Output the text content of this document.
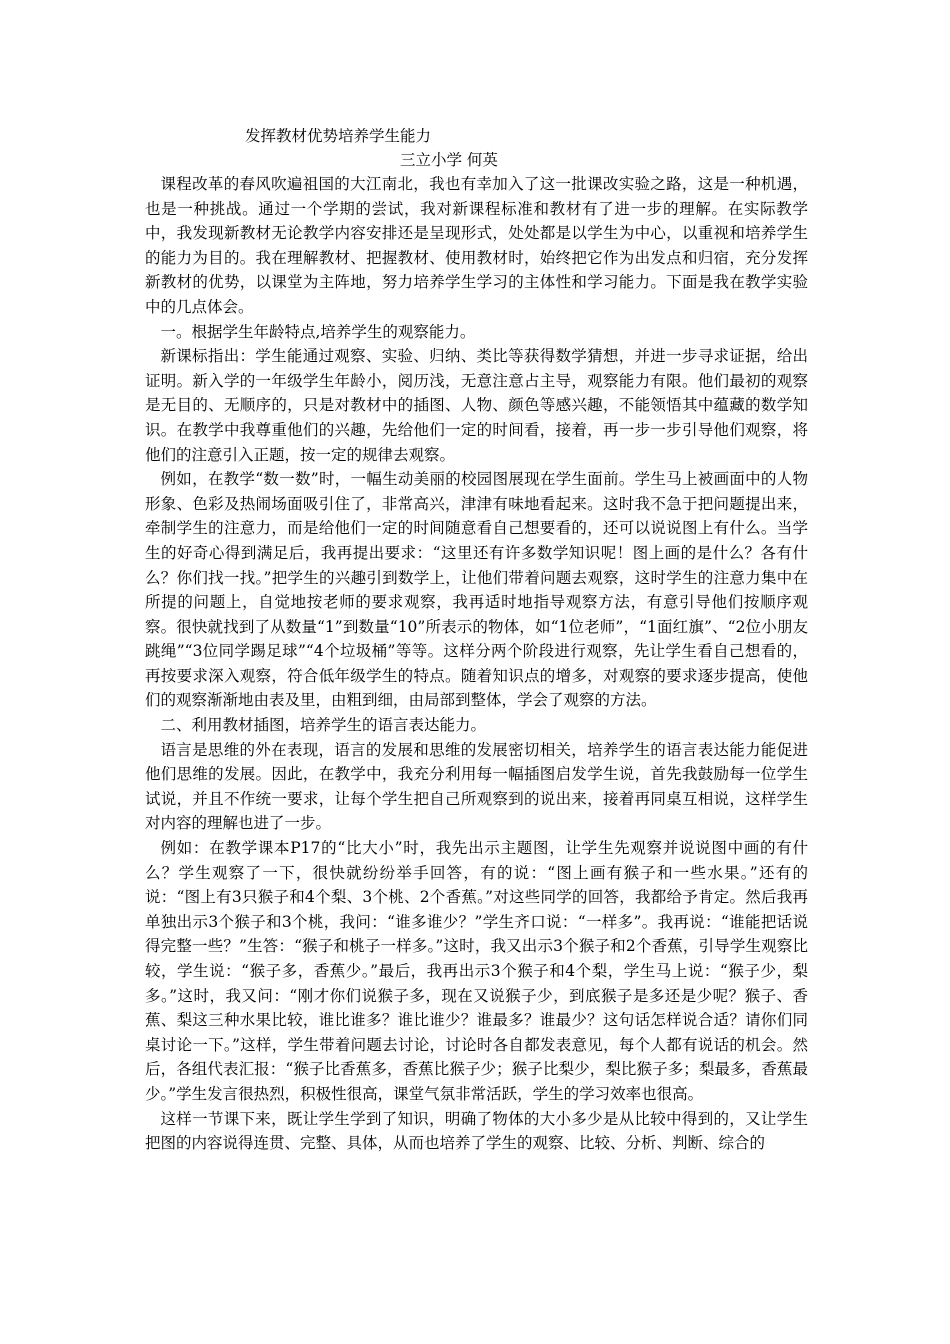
发挥教材优势培养学生能力
三立小学 何英

课程改革的春风吹遍祖国的大江南北，我也有幸加入了这一批课改实验之路，这是一种机遇，也是一种挑战。通过一个学期的尝试，我对新课程标准和教材有了进一步的理解。在实际教学中，我发现新教材无论教学内容安排还是呈现形式，处处都是以学生为中心，以重视和培养学生的能力为目的。我在理解教材、把握教材、使用教材时，始终把它作为出发点和归宿，充分发挥新教材的优势，以课堂为主阵地，努力培养学生学习的主体性和学习能力。下面是我在教学实验中的几点体会。

一。根据学生年龄特点,培养学生的观察能力。

新课标指出：学生能通过观察、实验、归纳、类比等获得数学猜想，并进一步寻求证据，给出证明。新入学的一年级学生年龄小，阅历浅，无意注意占主导，观察能力有限。他们最初的观察是无目的、无顺序的，只是对教材中的插图、人物、颜色等感兴趣，不能领悟其中蕴藏的数学知识。在教学中我尊重他们的兴趣，先给他们一定的时间看，接着，再一步一步引导他们观察，将他们的注意引入正题，按一定的规律去观察。

例如，在教学“数一数”时，一幅生动美丽的校园图展现在学生面前。学生马上被画面中的人物形象、色彩及热闹场面吸引住了，非常高兴，津津有味地看起来。这时我不急于把问题提出来，牵制学生的注意力，而是给他们一定的时间随意看自己想要看的，还可以说说图上有什么。当学生的好奇心得到满足后，我再提出要求：“这里还有许多数学知识呢！图上画的是什么？各有什么？你们找一找。”把学生的兴趣引到数学上，让他们带着问题去观察，这时学生的注意力集中在所提的问题上，自觉地按老师的要求观察，我再适时地指导观察方法，有意引导他们按顺序观察。很快就找到了从数量“1”到数量“10”所表示的物体，如“1位老师”，“1面红旗”、“2位小朋友跳绳”“3位同学踢足球”“4个垃圾桶”等等。这样分两个阶段进行观察，先让学生看自己想看的，再按要求深入观察，符合低年级学生的特点。随着知识点的增多，对观察的要求逐步提高，使他们的观察渐渐地由表及里，由粗到细，由局部到整体，学会了观察的方法。

二、利用教材插图，培养学生的语言表达能力。

语言是思维的外在表现，语言的发展和思维的发展密切相关，培养学生的语言表达能力能促进他们思维的发展。因此，在教学中，我充分利用每一幅插图启发学生说，首先我鼓励每一位学生试说，并且不作统一要求，让每个学生把自己所观察到的说出来，接着再同桌互相说，这样学生对内容的理解也进了一步。

例如：在教学课本P17的“比大小”时，我先出示主题图，让学生先观察并说说图中画的有什么？学生观察了一下，很快就纷纷举手回答，有的说：“图上画有猴子和一些水果。”还有的说：“图上有3只猴子和4个梨、3个桃、2个香蕉。”对这些同学的回答，我都给予肯定。然后我再单独出示3个猴子和3个桃，我问：“谁多谁少？”学生齐口说：“一样多”。我再说：“谁能把话说得完整一些？”生答：“猴子和桃子一样多。”这时，我又出示3个猴子和2个香蕉，引导学生观察比较，学生说：“猴子多，香蕉少。”最后，我再出示3个猴子和4个梨，学生马上说：“猴子少，梨多。”这时，我又问：“刚才你们说猴子多，现在又说猴子少，到底猴子是多还是少呢？猴子、香蕉、梨这三种水果比较，谁比谁多？谁比谁少？谁最多？谁最少？这句话怎样说合适？请你们同桌讨论一下。”这样，学生带着问题去讨论，讨论时各自都发表意见，每个人都有说话的机会。然后，各组代表汇报：“猴子比香蕉多，香蕉比猴子少；猴子比梨少，梨比猴子多；梨最多，香蕉最少。”学生发言很热烈，积极性很高，课堂气氛非常活跃，学生的学习效率也很高。

这样一节课下来，既让学生学到了知识，明确了物体的大小多少是从比较中得到的，又让学生把图的内容说得连贯、完整、具体，从而也培养了学生的观察、比较、分析、判断、综合的
